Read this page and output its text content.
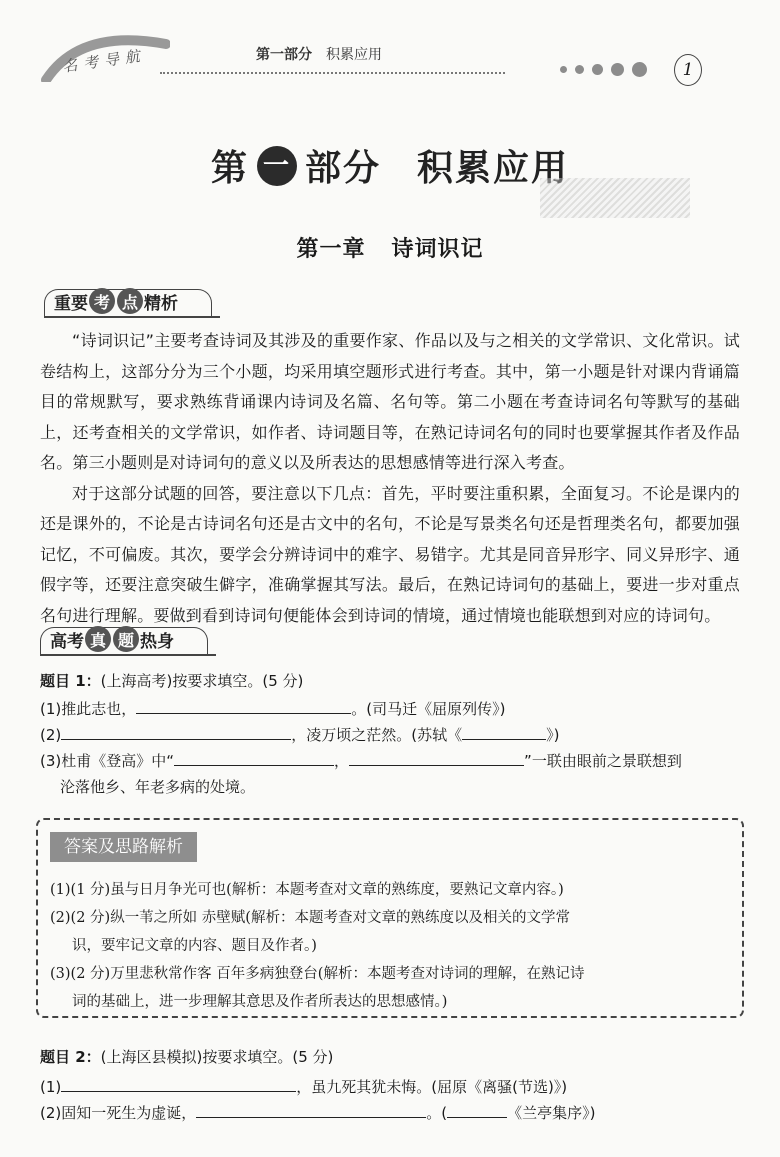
名考导航	第一部分 积累应用
1
第 一 部分 积累应用
第一章 诗词识记
重要 考 点 精析

“诗词识记”主要考查诗词及其涉及的重要作家、作品以及与之相关的文学常识、文化常识。试卷结构上，这部分分为三个小题，均采用填空题形式进行考查。其中，第一小题是针对课内背诵篇目的常规默写，要求熟练背诵课内诗词及名篇、名句等。第二小题在考查诗词名句等默写的基础上，还考查相关的文学常识，如作者、诗词题目等，在熟记诗词名句的同时也要掌握其作者及作品名。第三小题则是对诗词句的意义以及所表达的思想感情等进行深入考查。

对于这部分试题的回答，要注意以下几点：首先，平时要注重积累，全面复习。不论是课内的还是课外的，不论是古诗词名句还是古文中的名句，不论是写景类名句还是哲理类名句，都要加强记忆，不可偏废。其次，要学会分辨诗词中的难字、易错字。尤其是同音异形字、同义异形字、通假字等，还要注意突破生僻字，准确掌握其写法。最后，在熟记诗词句的基础上，要进一步对重点名句进行理解。要做到看到诗词句便能体会到诗词的情境，通过情境也能联想到对应的诗词句。

高考 真 题 热身
题目 1：(上海高考)按要求填空。(5 分)
(1)推此志也，	。(司马迁《屈原列传》)
(2)	，凌万顷之茫然。(苏轼《	》)
(3)杜甫《登高》中“	，	”一联由眼前之景联想到
沦落他乡、年老多病的处境。
答案及思路解析
(1)(1 分)虽与日月争光可也(解析：本题考查对文章的熟练度，要熟记文章内容。)
(2)(2 分)纵一苇之所如 赤壁赋(解析：本题考查对文章的熟练度以及相关的文学常
识，要牢记文章的内容、题目及作者。)
(3)(2 分)万里悲秋常作客 百年多病独登台(解析：本题考查对诗词的理解，在熟记诗
词的基础上，进一步理解其意思及作者所表达的思想感情。)
题目 2：(上海区县模拟)按要求填空。(5 分)
(1)	，虽九死其犹未悔。(屈原《离骚(节选)》)
(2)固知一死生为虚诞，	。(	《兰亭集序》)
